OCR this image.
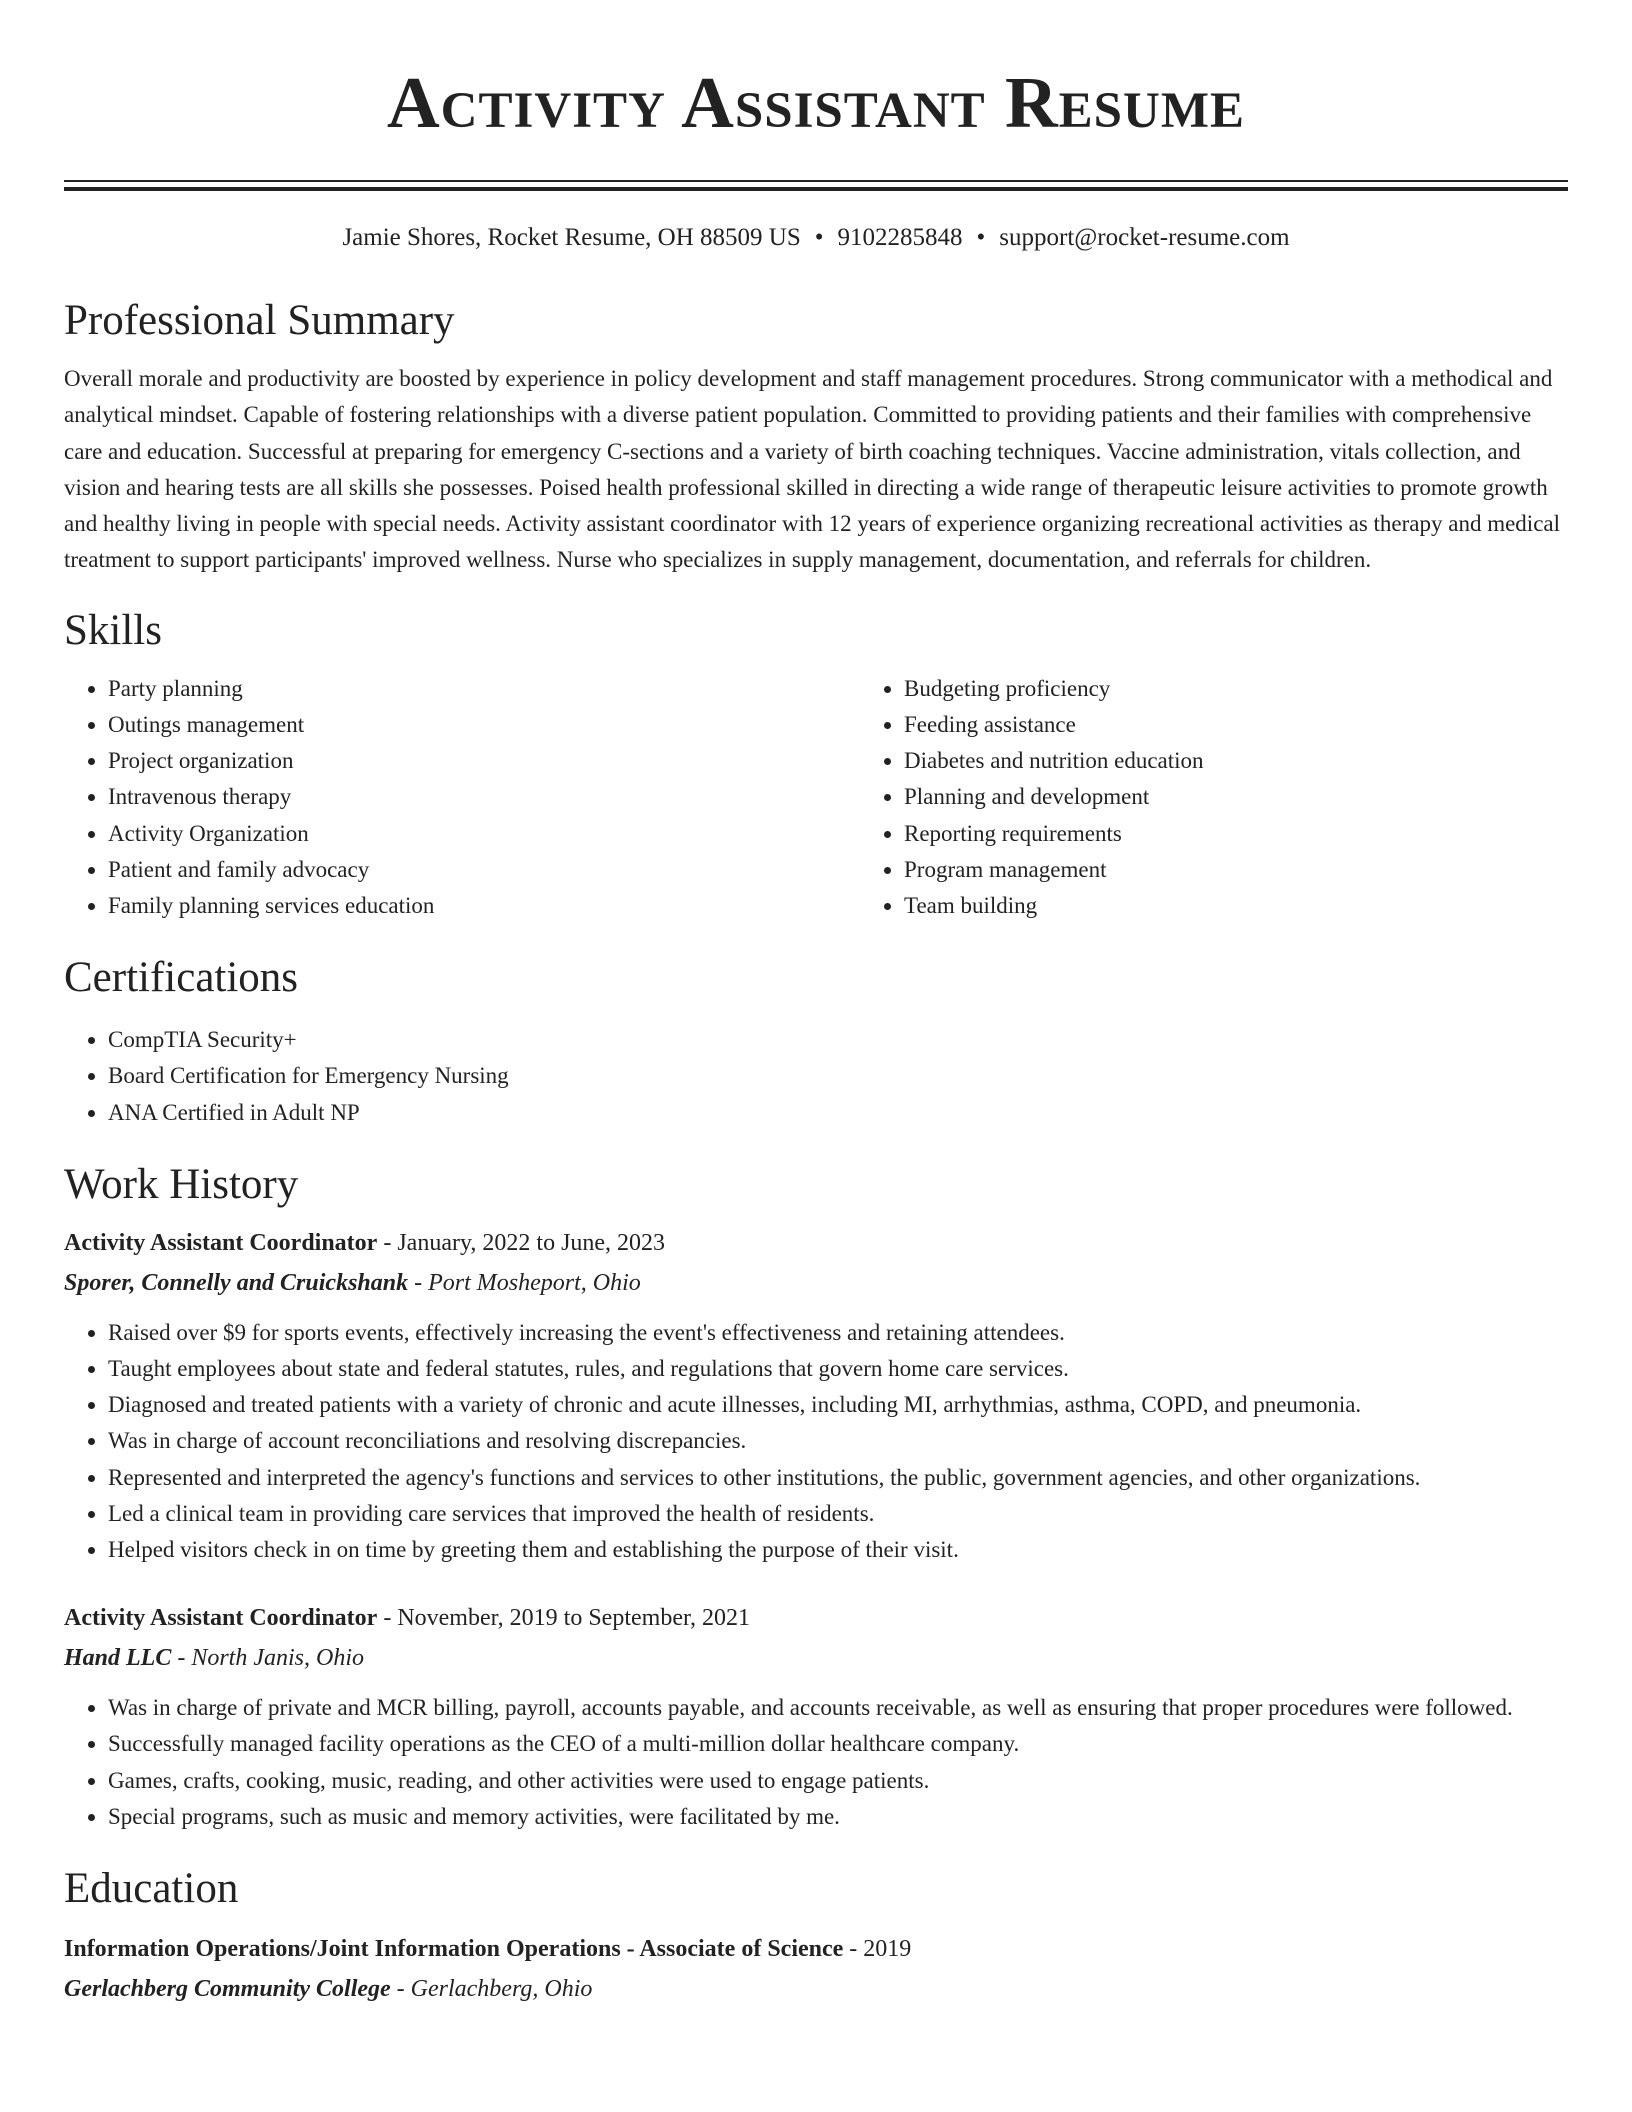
Activity Assistant Resume
Jamie Shores, Rocket Resume, OH 88509 US • 9102285848 • support@rocket-resume.com
Professional Summary
Overall morale and productivity are boosted by experience in policy development and staff management procedures. Strong communicator with a methodical and analytical mindset. Capable of fostering relationships with a diverse patient population. Committed to providing patients and their families with comprehensive care and education. Successful at preparing for emergency C-sections and a variety of birth coaching techniques. Vaccine administration, vitals collection, and vision and hearing tests are all skills she possesses. Poised health professional skilled in directing a wide range of therapeutic leisure activities to promote growth and healthy living in people with special needs. Activity assistant coordinator with 12 years of experience organizing recreational activities as therapy and medical treatment to support participants' improved wellness. Nurse who specializes in supply management, documentation, and referrals for children.
Skills
• Party planning
• Outings management
• Project organization
• Intravenous therapy
• Activity Organization
• Patient and family advocacy
• Family planning services education
• Budgeting proficiency
• Feeding assistance
• Diabetes and nutrition education
• Planning and development
• Reporting requirements
• Program management
• Team building
Certifications
• CompTIA Security+
• Board Certification for Emergency Nursing
• ANA Certified in Adult NP
Work History
Activity Assistant Coordinator - January, 2022 to June, 2023
Sporer, Connelly and Cruickshank - Port Mosheport, Ohio
• Raised over $9 for sports events, effectively increasing the event's effectiveness and retaining attendees.
• Taught employees about state and federal statutes, rules, and regulations that govern home care services.
• Diagnosed and treated patients with a variety of chronic and acute illnesses, including MI, arrhythmias, asthma, COPD, and pneumonia.
• Was in charge of account reconciliations and resolving discrepancies.
• Represented and interpreted the agency's functions and services to other institutions, the public, government agencies, and other organizations.
• Led a clinical team in providing care services that improved the health of residents.
• Helped visitors check in on time by greeting them and establishing the purpose of their visit.
Activity Assistant Coordinator - November, 2019 to September, 2021
Hand LLC - North Janis, Ohio
• Was in charge of private and MCR billing, payroll, accounts payable, and accounts receivable, as well as ensuring that proper procedures were followed.
• Successfully managed facility operations as the CEO of a multi-million dollar healthcare company.
• Games, crafts, cooking, music, reading, and other activities were used to engage patients.
• Special programs, such as music and memory activities, were facilitated by me.
Education
Information Operations/Joint Information Operations - Associate of Science - 2019
Gerlachberg Community College - Gerlachberg, Ohio
